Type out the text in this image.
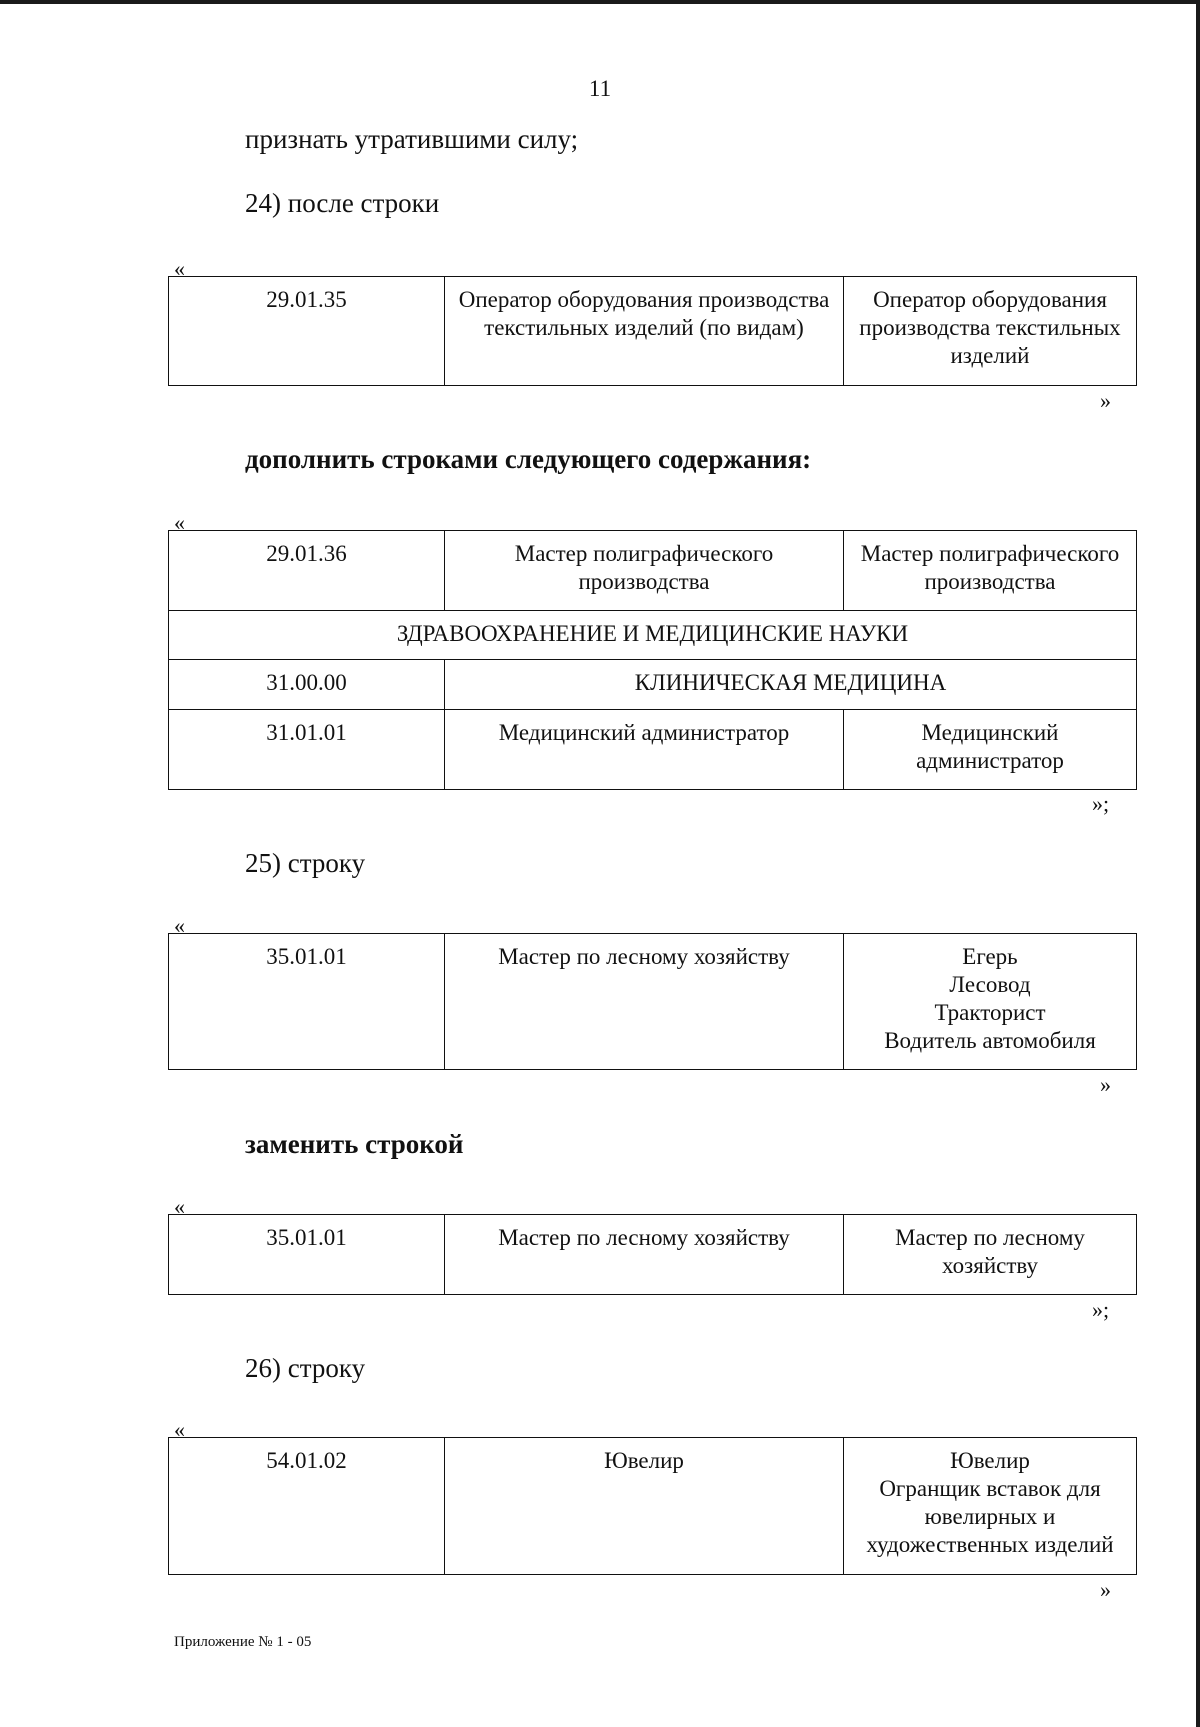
11
признать утратившими силу;
24) после строки
«
29.01.35	Оператор оборудования производства текстильных изделий (по видам)	Оператор оборудования производства текстильных изделий
»
дополнить строками следующего содержания:
«
29.01.36	Мастер полиграфического производства	Мастер полиграфического производства
ЗДРАВООХРАНЕНИЕ И МЕДИЦИНСКИЕ НАУКИ		
31.00.00	КЛИНИЧЕСКАЯ МЕДИЦИНА	
31.01.01	Медицинский администратор	Медицинский администратор
»;
25) строку
«
35.01.01	Мастер по лесному хозяйству	Егерь
Лесовод
Тракторист
Водитель автомобиля
»
заменить строкой
«
35.01.01	Мастер по лесному хозяйству	Мастер по лесному хозяйству
»;
26) строку
«
54.01.02	Ювелир	Ювелир
Огранщик вставок для ювелирных и художественных изделий
»
Приложение № 1 - 05
